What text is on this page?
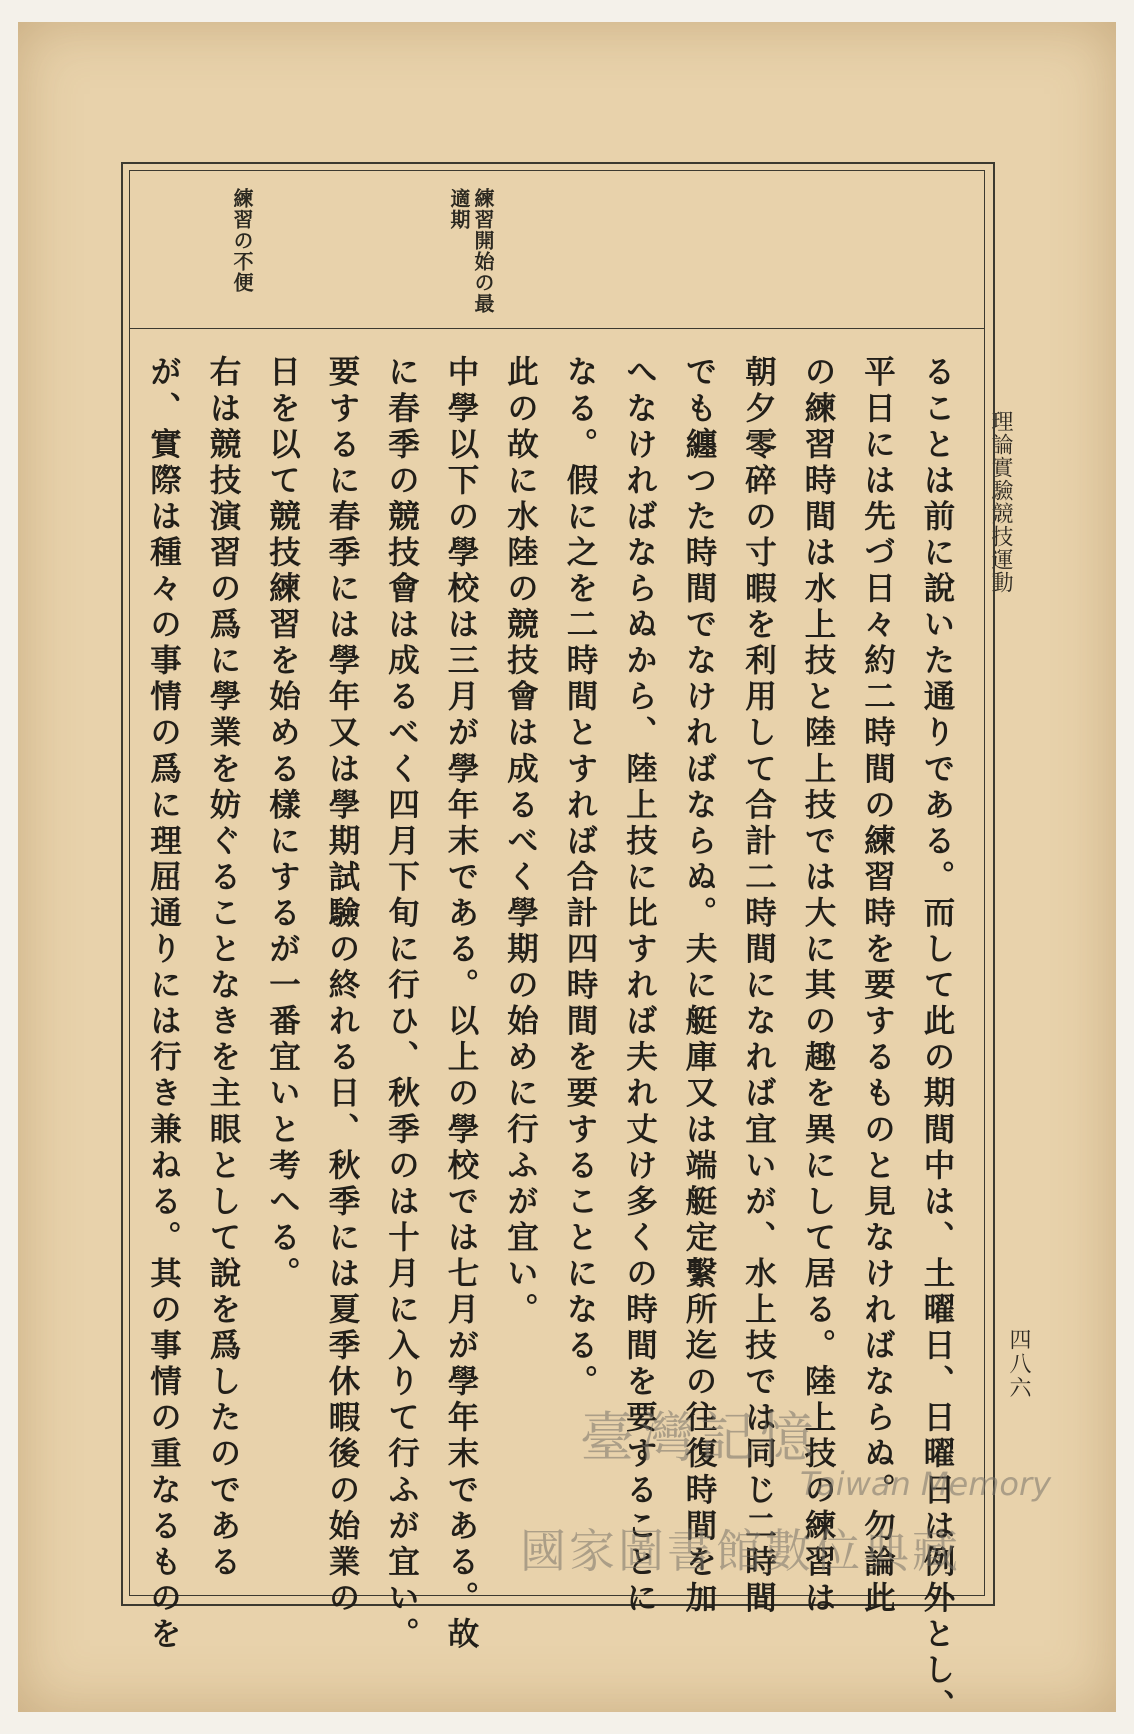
理論實驗競技運動
四八六
練習開始の最
適期
練習の不便
ることは前に說いた通りである。而して此の期間中は、土曜日、日曜日は例外とし、
平日には先づ日々約二時間の練習時を要するものと見なければならぬ。勿論此
の練習時間は水上技と陸上技では大に其の趣を異にして居る。陸上技の練習は
朝夕零碎の寸暇を利用して合計二時間になれば宜いが、水上技では同じ二時間
でも纏つた時間でなければならぬ。夫に艇庫又は端艇定繫所迄の往復時間を加
へなければならぬから、陸上技に比すれば夫れ丈け多くの時間を要することに
なる。假に之を二時間とすれば合計四時間を要することになる。
此の故に水陸の競技會は成るべく學期の始めに行ふが宜い。
中學以下の學校は三月が學年末である。以上の學校では七月が學年末である。故
に春季の競技會は成るべく四月下旬に行ひ、秋季のは十月に入りて行ふが宜い。
要するに春季には學年又は學期試驗の終れる日、秋季には夏季休暇後の始業の
日を以て競技練習を始める樣にするが一番宜いと考へる。
右は競技演習の爲に學業を妨ぐることなきを主眼として說を爲したのである
が、實際は種々の事情の爲に理屈通りには行き兼ねる。其の事情の重なるものを	臺灣記憶
Taiwan Memory
國家圖書館數位典藏
